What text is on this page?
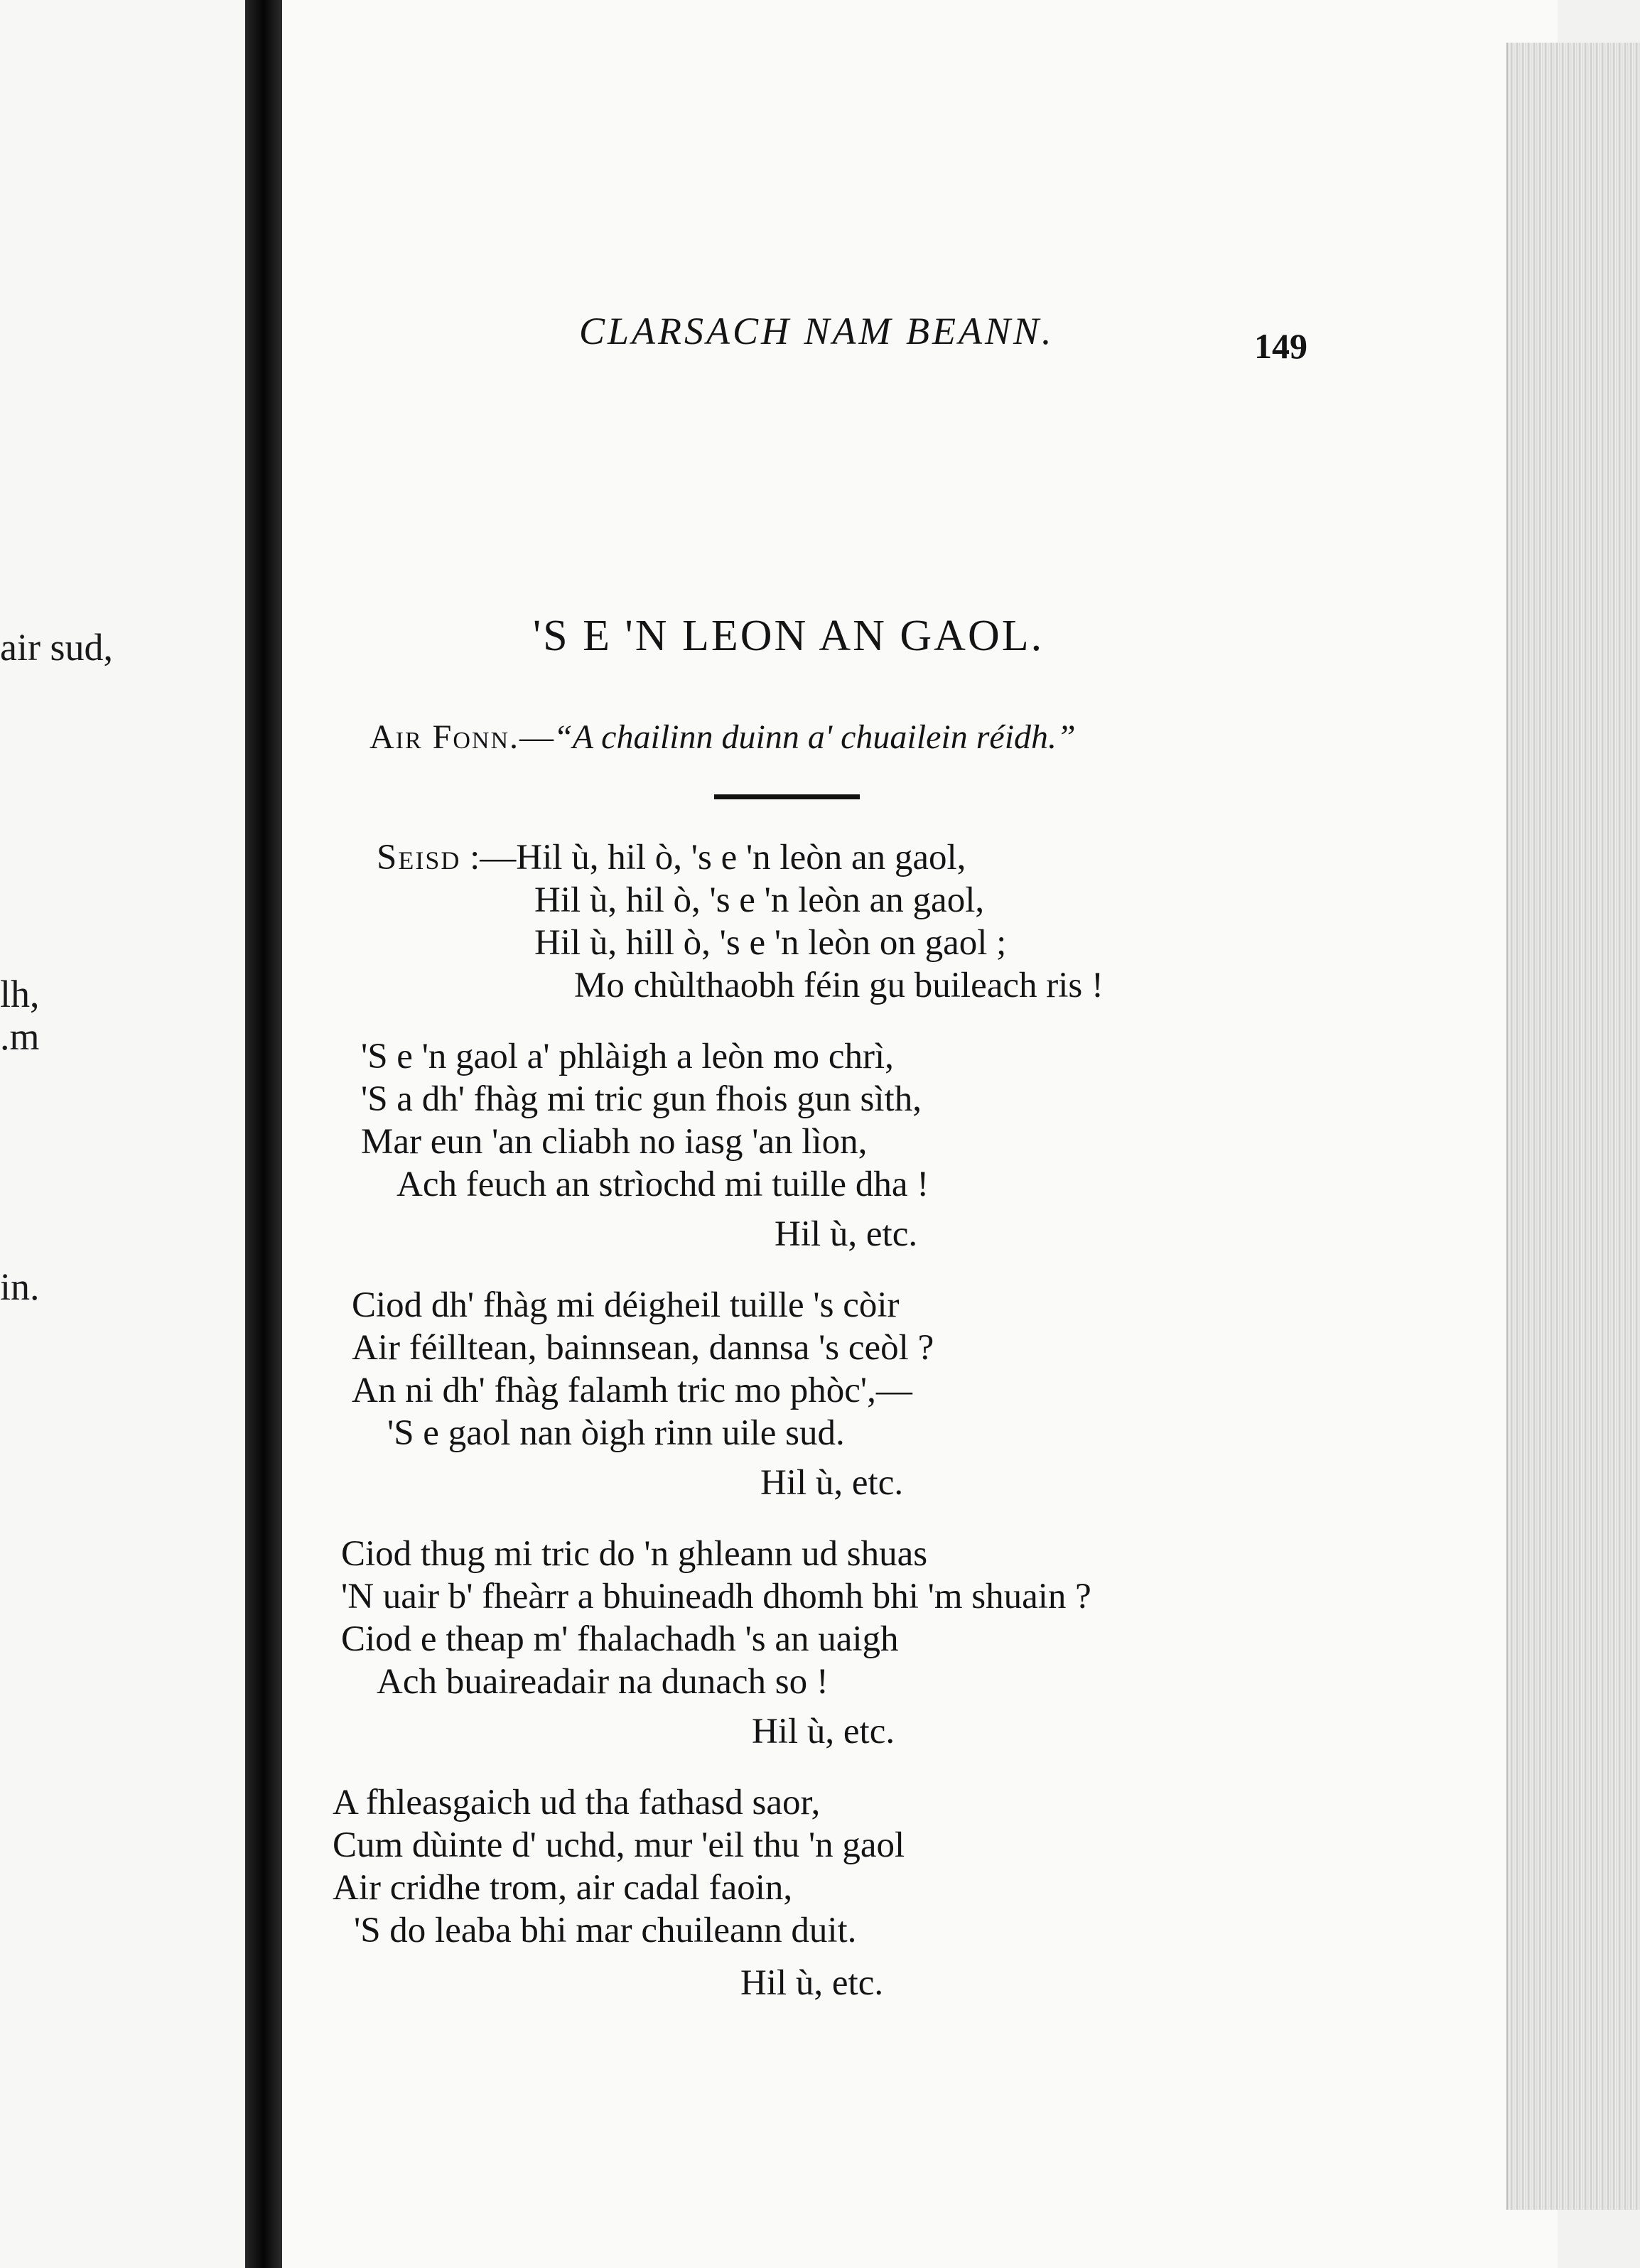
air sud,
lh,
.m
in.
CLARSACH NAM BEANN.	149
'S E 'N LEON AN GAOL.
Air Fonn.—“A chailinn duinn a' chuailein réidh.”
Seisd :—Hil ù, hil ò, 's e 'n leòn an gaol,
Hil ù, hil ò, 's e 'n leòn an gaol,
Hil ù, hill ò, 's e 'n leòn on gaol ;
Mo chùlthaobh féin gu buileach ris !
'S e 'n gaol a' phlàigh a leòn mo chrì,
'S a dh' fhàg mi tric gun fhois gun sìth,
Mar eun 'an cliabh no iasg 'an lìon,
Ach feuch an strìochd mi tuille dha !
Hil ù, etc.
Ciod dh' fhàg mi déigheil tuille 's còir
Air féilltean, bainnsean, dannsa 's ceòl ?
An ni dh' fhàg falamh tric mo phòc',—
'S e gaol nan òigh rinn uile sud.
Hil ù, etc.
Ciod thug mi tric do 'n ghleann ud shuas
'N uair b' fheàrr a bhuineadh dhomh bhi 'm shuain ?
Ciod e theap m' fhalachadh 's an uaigh
Ach buaireadair na dunach so !
Hil ù, etc.
A fhleasgaich ud tha fathasd saor,
Cum dùinte d' uchd, mur 'eil thu 'n gaol
Air cridhe trom, air cadal faoin,
'S do leaba bhi mar chuileann duit.
Hil ù, etc.
